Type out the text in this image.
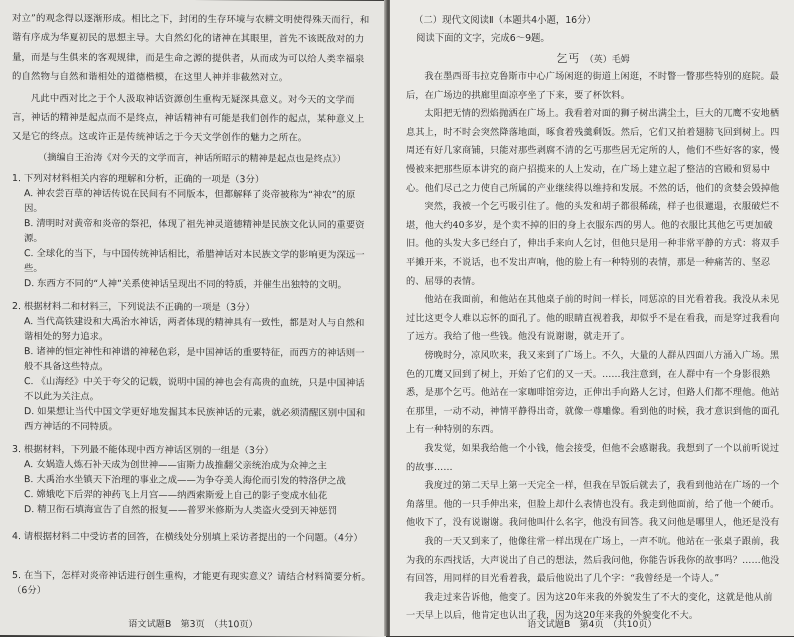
对立”的观念得以逐渐形成。相比之下，封闭的生存环境与农耕文明使得殊天而行，和谐有序成为华夏初民的思想主导。大自然幻化的诸神在其眼里，首先不该既敌对的力量，而是与生俱来的客观规律，而是生命之源的提供者，从而成为可以给人类幸福泉的自然物与自然和谐相处的道德楷模，在这里人神并非截然对立。

凡此中西对比之于个人汲取神话资源创生重构无疑深具意义。对今天的文学而言，神话的精神是起点而不是终点，神话精神有可能是我们创作的起点，某种意义上又是它的终点。这或许正是传统神话之于今天文学创作的魅力之所在。

（摘编自王治涛《对今天的文学而言，神话所昭示的精神是起点也是终点》）

1. 下列对材料相关内容的理解和分析，正确的一项是（3分）

A. 神农尝百草的神话传说在民间有不同版本，但都解释了炎帝被称为“神农”的原因。

B. 清明时对黄帝和炎帝的祭祀，体现了祖先神灵道德精神是民族文化认同的重要资源。

C. 全球化的当下，与中国传统神话相比，希腊神话对本民族文学的影响更为深远一些。

D. 东西方不同的“人神”关系使神话呈现出不同的特质，并催生出独特的文明。

2. 根据材料二和材料三，下列说法不正确的一项是（3分）

A. 当代高铁建设和大禹治水神话，两者体现的精神具有一致性，都是对人与自然和谐相处的努力追求。

B. 诸神的恒定神性和神谱的神秘色彩，是中国神话的重要特征，而西方的神话则一般不具备这些特点。

C. 《山海经》中关于夸父的记载，说明中国的神也会有高贵的血统，只是中国神话不以此为关注点。

D. 如果想让当代中国文学更好地发掘其本民族神话的元素，就必须清醒区别中国和西方神话的不同特质。

3. 根据材料，下列最不能体现中西方神话区别的一组是（3分）

A. 女娲造人炼石补天成为创世神——宙斯力战推翻父亲统治成为众神之主

B. 大禹治水坐镇天下治理的事业之成——为争夺美人海伦而引发的特洛伊之战

C. 嫦娥吃下后羿的神药飞上月宫——纳西索斯爱上自己的影子变成水仙花

D. 精卫衔石填海宣告了自然的报复——普罗米修斯为人类盗火受到天神惩罚

4. 请根据材料二中受访者的回答，在横线处分别填上采访者提出的一个问题。（4分）

5. 在当下，怎样对炎帝神话进行创生重构，才能更有现实意义？请结合材料简要分析。（6分）

语文试题B　第3页　（共10页）

（二）现代文阅读Ⅱ（本题共4小题，16分）

阅读下面的文字，完成6～9题。

乞丐 （英）毛姆

我在墨西哥韦拉克鲁斯市中心广场闲逛的街道上闲逛，不时瞥一瞥那些特别的庭院。最后，在广场边的拱廊里面凉亭坐了下来，要了杯饮料。

太阳把无情的烈焰抛洒在广场上。我看着对面的狮子树出满尘土，巨大的兀鹰不安地栖息其上，时不时会突然降落地面，啄食着残羹剩饭。然后，它们又拍着翅膀飞回到树上。四周还有好几家商铺，只能对那些剥腐不清的乞丐那些居无定所的人，他们不些好客的家，慢慢被来把那些原本讲究的商户招揽来的人上发动，在广场上建立起了整洁的宫殿和贸易中心。他们尽己之力使自己所属的产业继续得以维持和发展。不然的话，他们的贪婪会毁掉他

突然，我被一个乞丐吸引住了。他的头发和胡子都很稀疏，样子也很邋遢，衣服破烂不堪，他大约40多岁，是个卖不掉的旧的身上衣服东西的男人。他的衣服比其他乞丐更加破旧。他的头发大多已经白了，伸出手来向人乞讨，但他只是用一种非常平静的方式：将双手平摊开来，不说话，也不发出声响，他的脸上有一种特别的表情，那是一种痛苦的、坚忍的、屈辱的表情。

他站在我面前，和他站在其他桌子前的时间一样长，同惩凉的目光看着我。我没从未见过比这更令人难以忘怀的面孔了。他的眼睛直视着我，却似乎不是在看我，而是穿过我看向了远方。我给了他一些钱。他没有说谢谢，就走开了。

傍晚时分，凉风吹来，我又来到了广场上。不久，大量的人群从四面八方涌入广场。黑色的兀鹰又回到了树上，开始了它们的又一天。……我注意到，在人群中有一个身影很熟悉，是那个乞丐。他站在一家咖啡馆旁边，正伸出手向路人乞讨，但路人们都不理他。他站在那里，一动不动，神情平静得出奇，就像一尊雕像。看到他的时候，我才意识到他的面孔上有一种特别的东西。

我发觉，如果我给他一个小钱，他会接受，但他不会感谢我。我想到了一个以前听说过的故事……

我度过的第二天早上第一天完全一样，但我在早饭后就去了，我看到他站在广场的一个角落里。他的一只手伸出来，但脸上却什么表情也没有。我走到他面前，给了他一个硬币。他收下了，没有说谢谢。我问他叫什么名字，他没有回答。我又问他是哪里人，他还是没有

我的一天又到来了，他像往常一样出现在广场上，一声不吭。他站在一张桌子跟前，我为我的东西找话，大声说出了自己的想法，然后我问他，你能告诉我你的故事吗？……他没有回答，用同样的目光看着我，最后他说出了几个字：“我曾经是一个诗人。”

我走过来告诉他，他变了。因为这20年来我的外貌发生了不大的变化，这就是他从前一天早上以后，他肯定也认出了我，因为这20年来我的外貌变化不大。

语文试题B　第4页　（共10页）
